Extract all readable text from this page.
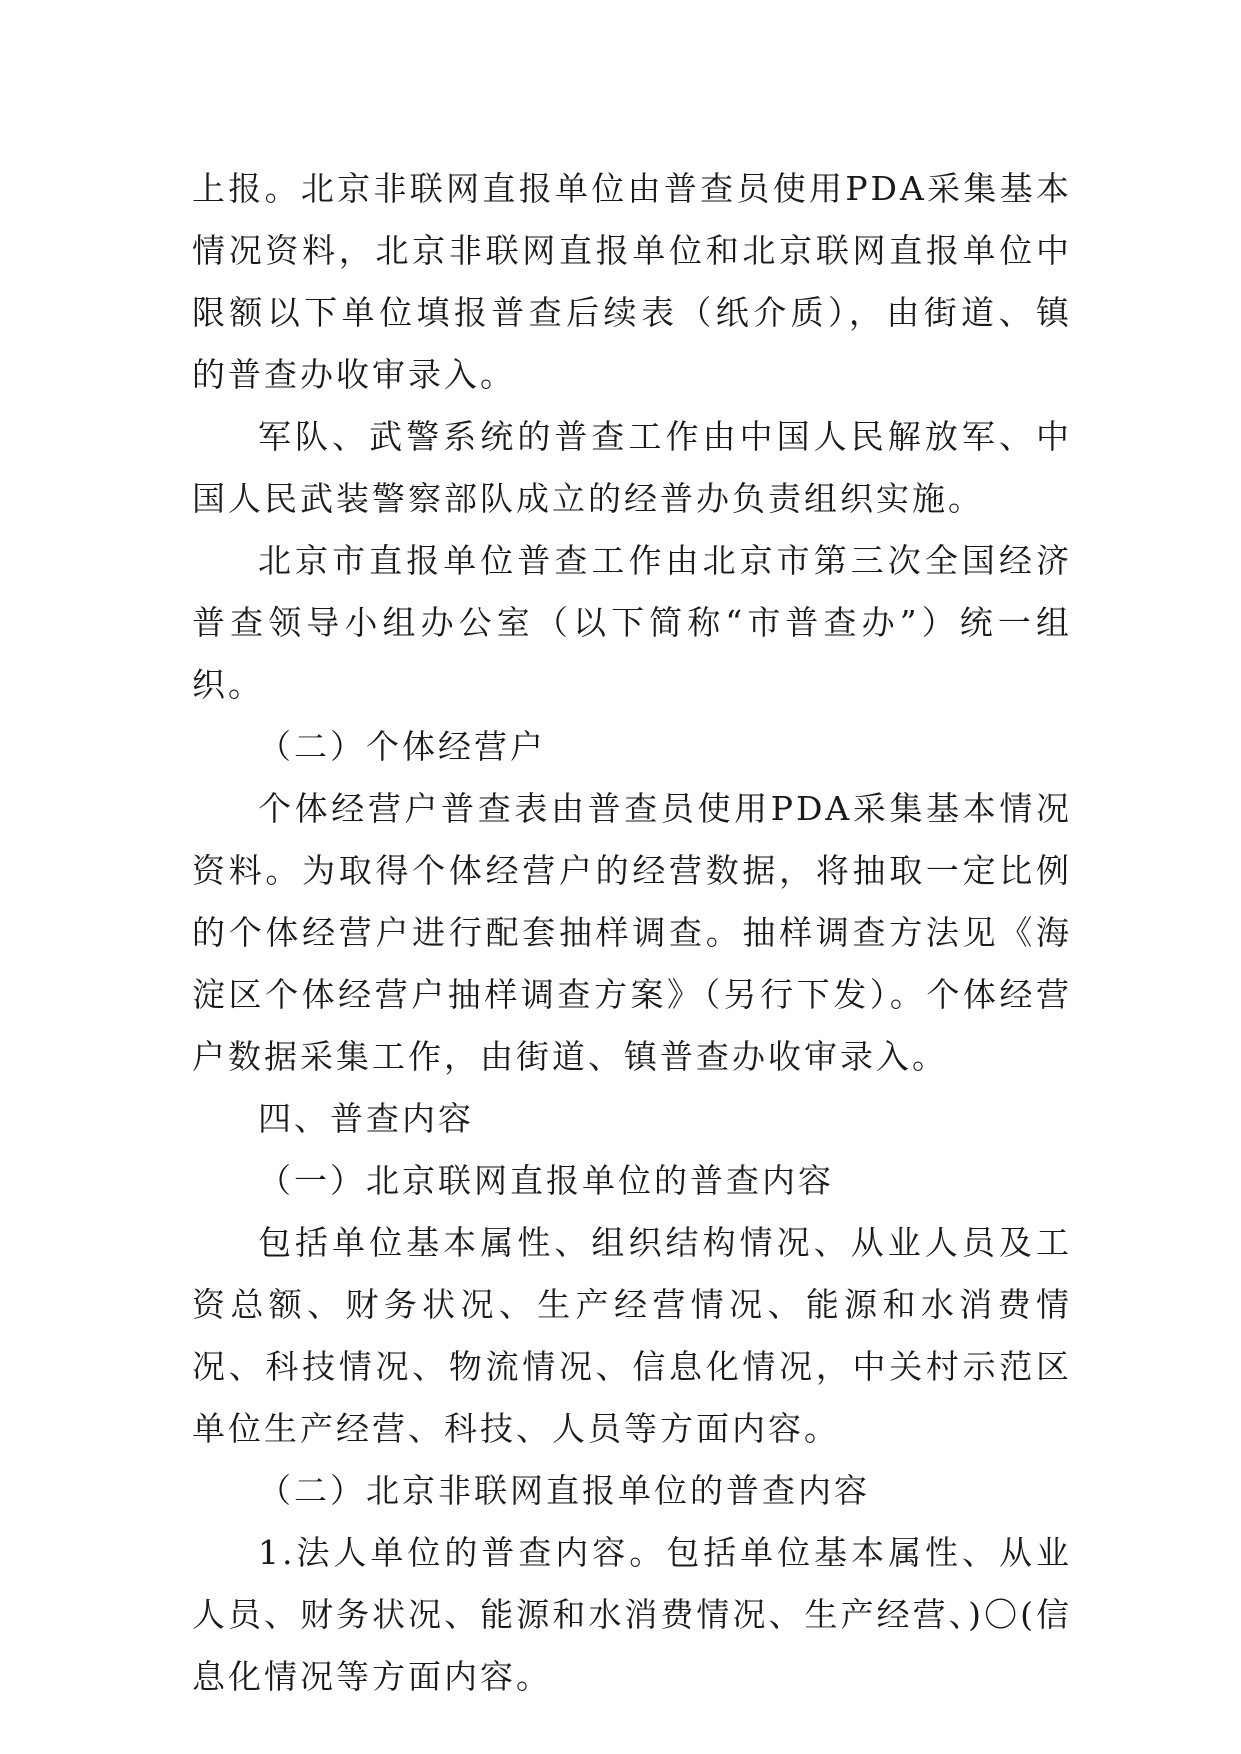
上报。北京非联网直报单位由普查员使用PDA采集基本情况资料，北京非联网直报单位和北京联网直报单位中限额以下单位填报普查后续表（纸介质），由街道、镇的普查办收审录入。

军队、武警系统的普查工作由中国人民解放军、中国人民武装警察部队成立的经普办负责组织实施。

北京市直报单位普查工作由北京市第三次全国经济普查领导小组办公室（以下简称“市普查办”）统一组织。

（二）个体经营户

个体经营户普查表由普查员使用PDA采集基本情况资料。为取得个体经营户的经营数据，将抽取一定比例的个体经营户进行配套抽样调查。抽样调查方法见《海淀区个体经营户抽样调查方案》（另行下发）。个体经营户数据采集工作，由街道、镇普查办收审录入。

四、普查内容

（一）北京联网直报单位的普查内容

包括单位基本属性、组织结构情况、从业人员及工资总额、财务状况、生产经营情况、能源和水消费情况、科技情况、物流情况、信息化情况，中关村示范区单位生产经营、科技、人员等方面内容。

（二）北京非联网直报单位的普查内容

1.法人单位的普查内容。包括单位基本属性、从业人员、财务状况、能源和水消费情况、生产经营、)〇(信息化情况等方面内容。
